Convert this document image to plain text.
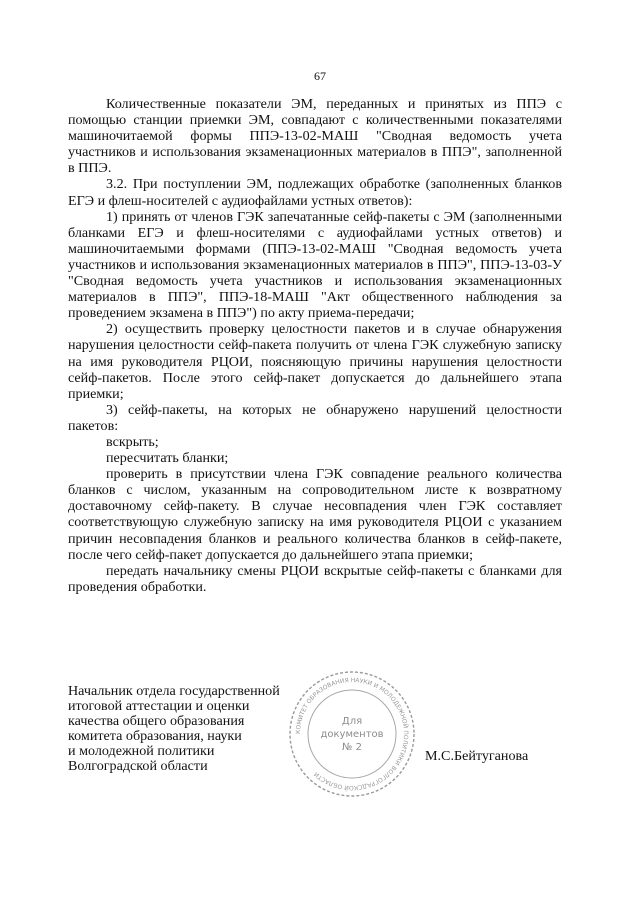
67

Количественные показатели ЭМ, переданных и принятых из ППЭ с помощью станции приемки ЭМ, совпадают с количественными показателями машиночитаемой формы ППЭ-13-02-МАШ "Сводная ведомость учета участников и использования экзаменационных материалов в ППЭ", заполненной в ППЭ.

3.2. При поступлении ЭМ, подлежащих обработке (заполненных бланков ЕГЭ и флеш-носителей с аудиофайлами устных ответов):

1) принять от членов ГЭК запечатанные сейф-пакеты с ЭМ (заполненными бланками ЕГЭ и флеш-носителями с аудиофайлами устных ответов) и машиночитаемыми формами (ППЭ-13-02-МАШ "Сводная ведомость учета участников и использования экзаменационных материалов в ППЭ", ППЭ-13-03-У "Сводная ведомость учета участников и использования экзаменационных материалов в ППЭ", ППЭ-18-МАШ "Акт общественного наблюдения за проведением экзамена в ППЭ") по акту приема-передачи;

2) осуществить проверку целостности пакетов и в случае обнаружения нарушения целостности сейф-пакета получить от члена ГЭК служебную записку на имя руководителя РЦОИ, поясняющую причины нарушения целостности сейф-пакетов. После этого сейф-пакет допускается до дальнейшего этапа приемки;

3) сейф-пакеты, на которых не обнаружено нарушений целостности пакетов:

вскрыть;

пересчитать бланки;

проверить в присутствии члена ГЭК совпадение реального количества бланков с числом, указанным на сопроводительном листе к возвратному доставочному сейф-пакету. В случае несовпадения член ГЭК составляет соответствующую служебную записку на имя руководителя РЦОИ с указанием причин несовпадения бланков и реального количества бланков в сейф-пакете, после чего сейф-пакет допускается до дальнейшего этапа приемки;

передать начальнику смены РЦОИ вскрытые сейф-пакеты с бланками для проведения обработки.

Начальник отдела государственной
итоговой аттестации и оценки
качества общего образования
комитета образования, науки
и молодежной политики
Волгоградской области
КОМИТЕТ ОБРАЗОВАНИЯ НАУКИ И МОЛОДЕЖНОЙ ПОЛИТИКИ ВОЛГОГРАДСКОЙ ОБЛАСТИ
Для
документов
№ 2
М.С.Бейтуганова
